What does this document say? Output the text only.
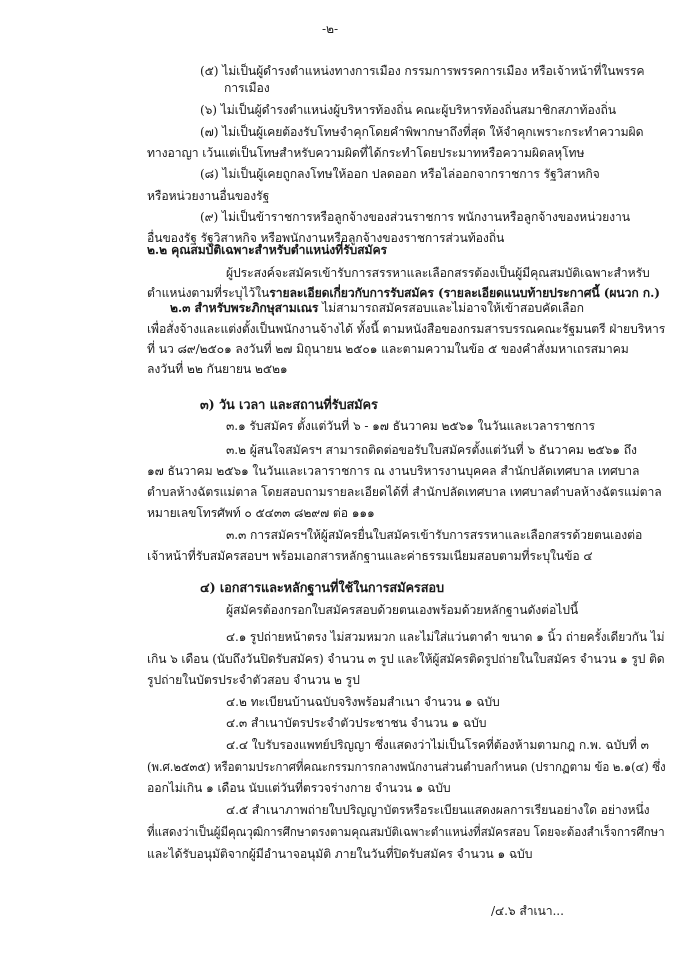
-๒-
(๕) ไม่เป็นผู้ดำรงตำแหน่งทางการเมือง กรรมการพรรคการเมือง หรือเจ้าหน้าที่ในพรรค
การเมือง
(๖) ไม่เป็นผู้ดำรงตำแหน่งผู้บริหารท้องถิ่น คณะผู้บริหารท้องถิ่นสมาชิกสภาท้องถิ่น
(๗) ไม่เป็นผู้เคยต้องรับโทษจำคุกโดยคำพิพากษาถึงที่สุด ให้จำคุกเพราะกระทำความผิด
ทางอาญา เว้นแต่เป็นโทษสำหรับความผิดที่ได้กระทำโดยประมาทหรือความผิดลหุโทษ
(๘) ไม่เป็นผู้เคยถูกลงโทษให้ออก ปลดออก หรือไล่ออกจากราชการ รัฐวิสาหกิจ
หรือหน่วยงานอื่นของรัฐ
(๙) ไม่เป็นข้าราชการหรือลูกจ้างของส่วนราชการ พนักงานหรือลูกจ้างของหน่วยงาน
อื่นของรัฐ รัฐวิสาหกิจ หรือพนักงานหรือลูกจ้างของราชการส่วนท้องถิ่น
๒.๒ คุณสมบัติเฉพาะสำหรับตำแหน่งที่รับสมัคร
ผู้ประสงค์จะสมัครเข้ารับการสรรหาและเลือกสรรต้องเป็นผู้มีคุณสมบัติเฉพาะสำหรับ
ตำแหน่งตามที่ระบุไว้ในรายละเอียดเกี่ยวกับการรับสมัคร (รายละเอียดแนบท้ายประกาศนี้ (ผนวก ก.)
๒.๓ สำหรับพระภิกษุสามเณร ไม่สามารถสมัครสอบและไม่อาจให้เข้าสอบคัดเลือก
เพื่อสั่งจ้างและแต่งตั้งเป็นพนักงานจ้างได้ ทั้งนี้ ตามหนังสือของกรมสารบรรณคณะรัฐมนตรี ฝ่ายบริหาร
ที่ นว ๘๙/๒๕๐๑ ลงวันที่ ๒๗ มิถุนายน ๒๕๐๑ และตามความในข้อ ๕ ของคำสั่งมหาเถรสมาคม
ลงวันที่ ๒๒ กันยายน ๒๕๒๑
๓) วัน เวลา และสถานที่รับสมัคร
๓.๑ รับสมัคร ตั้งแต่วันที่ ๖ - ๑๗ ธันวาคม ๒๕๖๑ ในวันและเวลาราชการ
๓.๒ ผู้สนใจสมัครฯ สามารถติดต่อขอรับใบสมัครตั้งแต่วันที่ ๖ ธันวาคม ๒๕๖๑ ถึง
๑๗ ธันวาคม ๒๕๖๑ ในวันและเวลาราชการ ณ งานบริหารงานบุคคล สำนักปลัดเทศบาล เทศบาล
ตำบลห้างฉัตรแม่ตาล โดยสอบถามรายละเอียดได้ที่ สำนักปลัดเทศบาล เทศบาลตำบลห้างฉัตรแม่ตาล
หมายเลขโทรศัพท์ ๐ ๕๔๓๓ ๘๒๙๗ ต่อ ๑๑๑
๓.๓ การสมัครฯให้ผู้สมัครยื่นใบสมัครเข้ารับการสรรหาและเลือกสรรด้วยตนเองต่อ
เจ้าหน้าที่รับสมัครสอบฯ พร้อมเอกสารหลักฐานและค่าธรรมเนียมสอบตามที่ระบุในข้อ ๔
๔) เอกสารและหลักฐานที่ใช้ในการสมัครสอบ
ผู้สมัครต้องกรอกใบสมัครสอบด้วยตนเองพร้อมด้วยหลักฐานดังต่อไปนี้
๔.๑ รูปถ่ายหน้าตรง ไม่สวมหมวก และไม่ใส่แว่นตาดำ ขนาด ๑ นิ้ว ถ่ายครั้งเดียวกัน ไม่
เกิน ๖ เดือน (นับถึงวันปิดรับสมัคร) จำนวน ๓ รูป และให้ผู้สมัครติดรูปถ่ายในใบสมัคร จำนวน ๑ รูป ติด
รูปถ่ายในบัตรประจำตัวสอบ จำนวน ๒ รูป
๔.๒ ทะเบียนบ้านฉบับจริงพร้อมสำเนา จำนวน ๑ ฉบับ
๔.๓ สำเนาบัตรประจำตัวประชาชน จำนวน ๑ ฉบับ
๔.๔ ใบรับรองแพทย์ปริญญา ซึ่งแสดงว่าไม่เป็นโรคที่ต้องห้ามตามกฎ ก.พ. ฉบับที่ ๓
(พ.ศ.๒๕๓๕) หรือตามประกาศที่คณะกรรมการกลางพนักงานส่วนตำบลกำหนด (ปรากฏตาม ข้อ ๒.๑(๔) ซึ่ง
ออกไม่เกิน ๑ เดือน นับแต่วันที่ตรวจร่างกาย จำนวน ๑ ฉบับ
๔.๕ สำเนาภาพถ่ายใบปริญญาบัตรหรือระเบียนแสดงผลการเรียนอย่างใด อย่างหนึ่ง
ที่แสดงว่าเป็นผู้มีคุณวุฒิการศึกษาตรงตามคุณสมบัติเฉพาะตำแหน่งที่สมัครสอบ โดยจะต้องสำเร็จการศึกษา
และได้รับอนุมัติจากผู้มีอำนาจอนุมัติ ภายในวันที่ปิดรับสมัคร จำนวน ๑ ฉบับ
/๔.๖ สำเนา...
